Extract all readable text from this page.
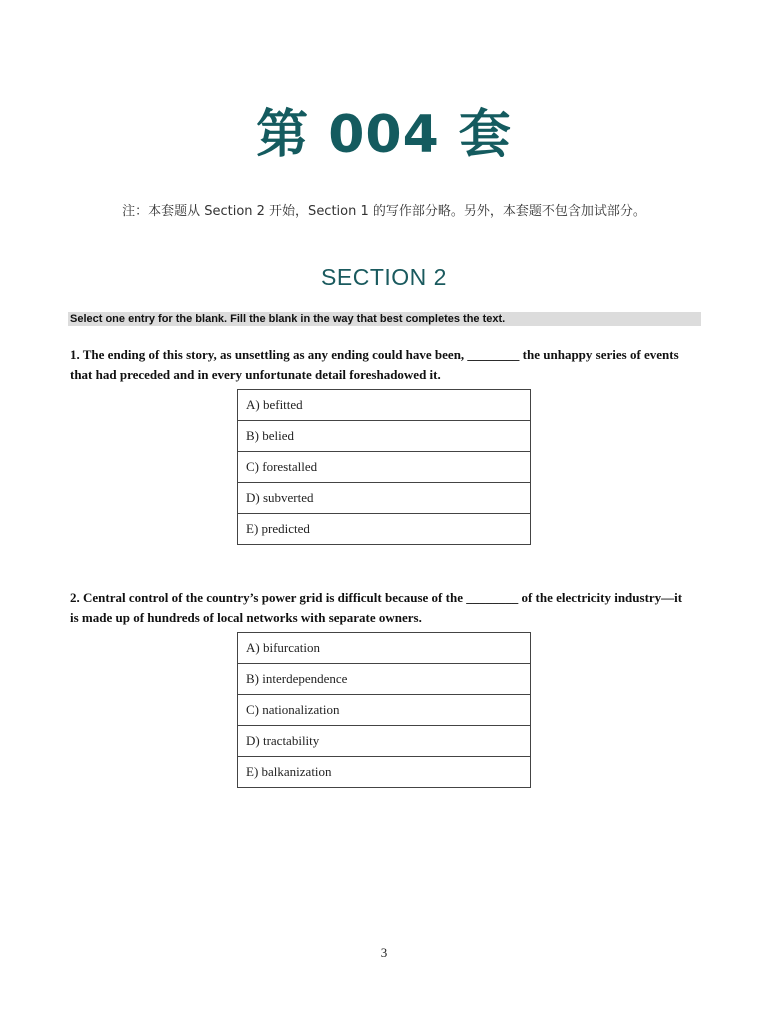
第 004 套
注：本套题从 Section 2 开始，Section 1 的写作部分略。另外，本套题不包含加试部分。
SECTION 2
Select one entry for the blank. Fill the blank in the way that best completes the text.
1. The ending of this story, as unsettling as any ending could have been, ________ the unhappy series of events that had preceded and in every unfortunate detail foreshadowed it.
A) befitted
B) belied
C) forestalled
D) subverted
E) predicted
2. Central control of the country’s power grid is difficult because of the ________ of the electricity industry—it is made up of hundreds of local networks with separate owners.
A) bifurcation
B) interdependence
C) nationalization
D) tractability
E) balkanization
3
